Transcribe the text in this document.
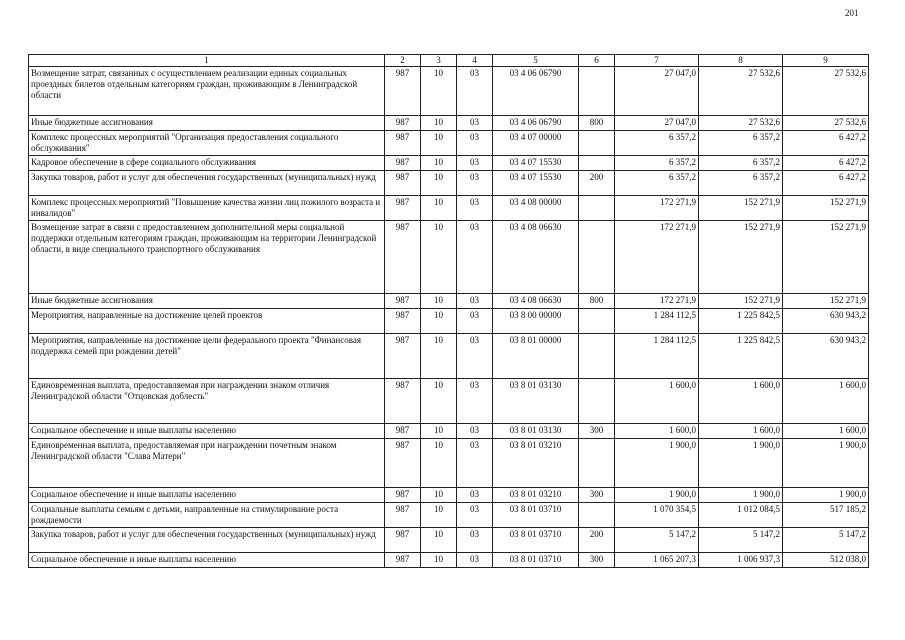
201
1	2	3	4	5	6	7	8	9
Возмещение затрат, связанных с осуществлением реализации единых социальных проездных билетов отдельным категориям граждан, проживающим в Ленинградской области	987	10	03	03 4 06 06790		27 047,0	27 532,6	27 532,6
Иные бюджетные ассигнования	987	10	03	03 4 06 06790	800	27 047,0	27 532,6	27 532,6
Комплекс процессных мероприятий "Организация предоставления социального обслуживания"	987	10	03	03 4 07 00000		6 357,2	6 357,2	6 427,2
Кадровое обеспечение в сфере социального обслуживания	987	10	03	03 4 07 15530		6 357,2	6 357,2	6 427,2
Закупка товаров, работ и услуг для обеспечения государственных (муниципальных) нужд	987	10	03	03 4 07 15530	200	6 357,2	6 357,2	6 427,2
Комплекс процессных мероприятий "Повышение качества жизни лиц пожилого возраста и инвалидов"	987	10	03	03 4 08 00000		172 271,9	152 271,9	152 271,9
Возмещение затрат в связи с предоставлением дополнительной меры социальной поддержки отдельным категориям граждан, проживающим на территории Ленинградской области, в виде специального транспортного обслуживания	987	10	03	03 4 08 06630		172 271,9	152 271,9	152 271,9
Иные бюджетные ассигнования	987	10	03	03 4 08 06630	800	172 271,9	152 271,9	152 271,9
Мероприятия, направленные на достижение целей проектов	987	10	03	03 8 00 00000		1 284 112,5	1 225 842,5	630 943,2
Мероприятия, направленные на достижение цели федерального проекта "Финансовая поддержка семей при рождении детей"	987	10	03	03 8 01 00000		1 284 112,5	1 225 842,5	630 943,2
Единовременная выплата, предоставляемая при награждении знаком отличия Ленинградской области "Отцовская доблесть"	987	10	03	03 8 01 03130		1 600,0	1 600,0	1 600,0
Социальное обеспечение и иные выплаты населению	987	10	03	03 8 01 03130	300	1 600,0	1 600,0	1 600,0
Единовременная выплата, предоставляемая при награждении почетным знаком Ленинградской области "Слава Матери"	987	10	03	03 8 01 03210		1 900,0	1 900,0	1 900,0
Социальное обеспечение и иные выплаты населению	987	10	03	03 8 01 03210	300	1 900,0	1 900,0	1 900,0
Социальные выплаты семьям с детьми, направленные на стимулирование роста рождаемости	987	10	03	03 8 01 03710		1 070 354,5	1 012 084,5	517 185,2
Закупка товаров, работ и услуг для обеспечения государственных (муниципальных) нужд	987	10	03	03 8 01 03710	200	5 147,2	5 147,2	5 147,2
Социальное обеспечение и иные выплаты населению	987	10	03	03 8 01 03710	300	1 065 207,3	1 006 937,3	512 038,0
